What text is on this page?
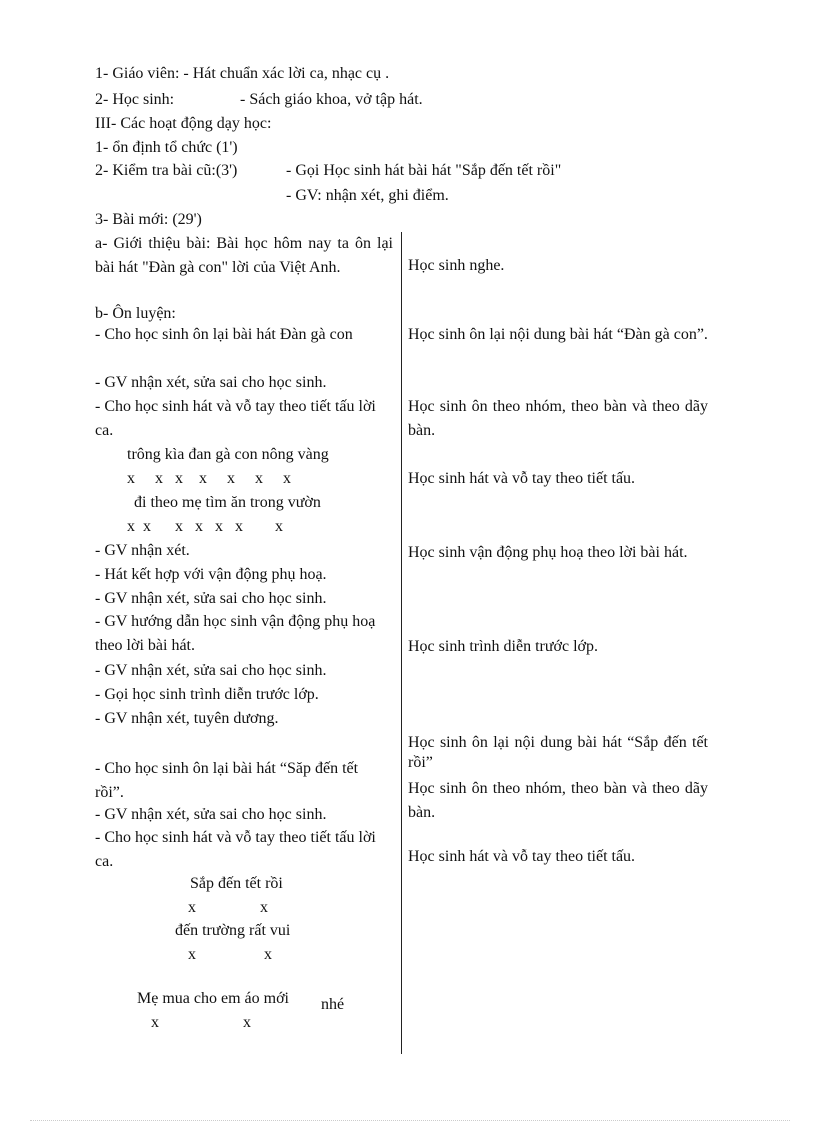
1- Giáo viên: - Hát chuẩn xác lời ca, nhạc cụ .
2- Học sinh:	- Sách giáo khoa, vở tập hát.
III- Các hoạt động dạy học:
1- ổn định tổ chức (1')
2- Kiểm tra bài cũ:(3')	- Gọi Học sinh hát bài hát "Sắp đến tết rồi"
- GV: nhận xét, ghi điểm.
3- Bài mới: (29')
a- Giới thiệu bài: Bài học hôm nay ta ôn lại bài hát "Đàn gà con" lời của Việt Anh.
b- Ôn luyện:
- Cho học sinh ôn lại bài hát Đàn gà con
- GV nhận xét, sửa sai cho học sinh.
- Cho học sinh hát và vỗ tay theo tiết tấu lời ca.
trông kìa đan gà con nông vàng
x     x   x    x     x     x     x
đi theo mẹ tìm ăn trong vườn
x  x      x   x   x   x        x
- GV nhận xét.
- Hát kết hợp với vận động phụ hoạ.
- GV nhận xét, sửa sai cho học sinh.
- GV hướng dẫn học sinh vận động phụ hoạ theo lời bài hát.
- GV nhận xét, sửa sai cho học sinh.
- Gọi học sinh trình diễn trước lớp.
- GV nhận xét, tuyên dương.
- Cho học sinh ôn lại bài hát “Săp đến tết rồi”.
- GV nhận xét, sửa sai cho học sinh.
- Cho học sinh hát và vỗ tay theo tiết tấu lời ca.
Sắp đến tết rồi
x                x
đến trường rất vui
x                 x
Mẹ mua cho em áo mới nhé
x                     x
Học sinh nghe.
Học sinh ôn lại nội dung bài hát “Đàn gà con”.
Học sinh ôn theo nhóm, theo bàn và theo dãy bàn.
Học sinh hát và vỗ tay theo tiết tấu.
Học sinh vận động phụ hoạ theo lời bài hát.
Học sinh trình diễn trước lớp.
Học sinh ôn lại nội dung bài hát “Sắp đến tết rồi”
Học sinh ôn theo nhóm, theo bàn và theo dãy bàn.
Học sinh hát và vỗ tay theo tiết tấu.
